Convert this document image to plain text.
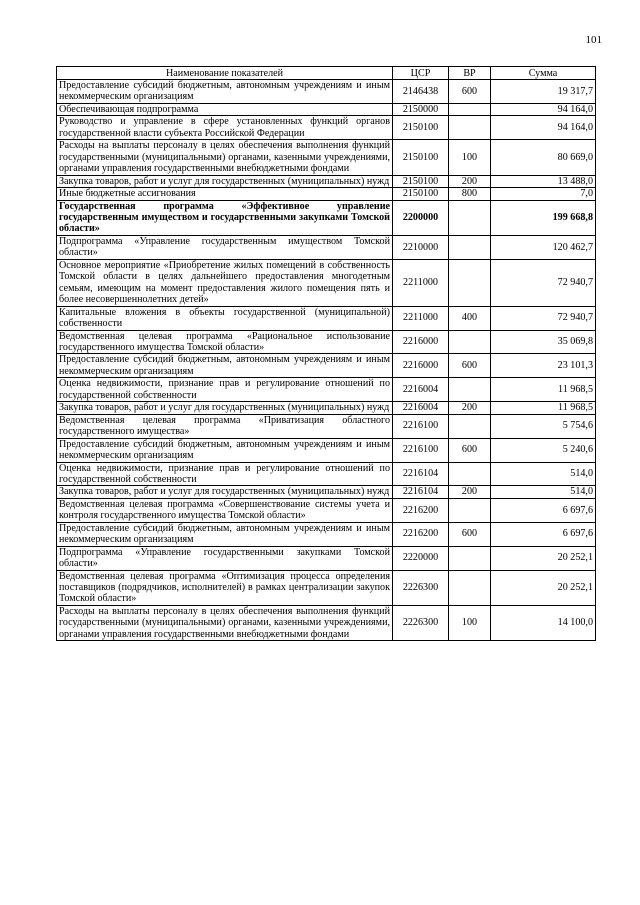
101
Наименование показателей	ЦСР	ВР	Сумма
Предоставление субсидий бюджетным, автономным учреждениям и иным некоммерческим организациям	2146438	600	19 317,7
Обеспечивающая подпрограмма	2150000		94 164,0
Руководство и управление в сфере установленных функций органов государственной власти субъекта Российской Федерации	2150100		94 164,0
Расходы на выплаты персоналу в целях обеспечения выполнения функций государственными (муниципальными) органами, казенными учреждениями, органами управления государственными внебюджетными фондами	2150100	100	80 669,0
Закупка товаров, работ и услуг для государственных (муниципальных) нужд	2150100	200	13 488,0
Иные бюджетные ассигнования	2150100	800	7,0
Государственная программа «Эффективное управление государственным имуществом и государственными закупками Томской области»	2200000		199 668,8
Подпрограмма «Управление государственным имуществом Томской области»	2210000		120 462,7
Основное мероприятие «Приобретение жилых помещений в собственность Томской области в целях дальнейшего предоставления многодетным семьям, имеющим на момент предоставления жилого помещения пять и более несовершеннолетних детей»	2211000		72 940,7
Капитальные вложения в объекты государственной (муниципальной) собственности	2211000	400	72 940,7
Ведомственная целевая программа «Рациональное использование государственного имущества Томской области»	2216000		35 069,8
Предоставление субсидий бюджетным, автономным учреждениям и иным некоммерческим организациям	2216000	600	23 101,3
Оценка недвижимости, признание прав и регулирование отношений по государственной собственности	2216004		11 968,5
Закупка товаров, работ и услуг для государственных (муниципальных) нужд	2216004	200	11 968,5
Ведомственная целевая программа «Приватизация областного государственного имущества»	2216100		5 754,6
Предоставление субсидий бюджетным, автономным учреждениям и иным некоммерческим организациям	2216100	600	5 240,6
Оценка недвижимости, признание прав и регулирование отношений по государственной собственности	2216104		514,0
Закупка товаров, работ и услуг для государственных (муниципальных) нужд	2216104	200	514,0
Ведомственная целевая программа «Совершенствование системы учета и контроля государственного имущества Томской области»	2216200		6 697,6
Предоставление субсидий бюджетным, автономным учреждениям и иным некоммерческим организациям	2216200	600	6 697,6
Подпрограмма «Управление государственными закупками Томской области»	2220000		20 252,1
Ведомственная целевая программа «Оптимизация процесса определения поставщиков (подрядчиков, исполнителей) в рамках централизации закупок Томской области»	2226300		20 252,1
Расходы на выплаты персоналу в целях обеспечения выполнения функций государственными (муниципальными) органами, казенными учреждениями, органами управления государственными внебюджетными фондами	2226300	100	14 100,0
